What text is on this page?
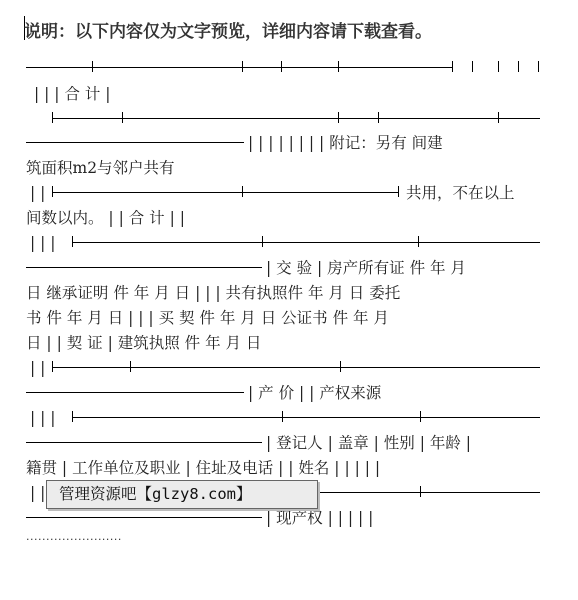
说明：以下内容仅为文字预览，详细内容请下载查看。
| | | 合 计 |
| | | | | | | | 附记：另有 间建
筑面积m2与邻户共有
| |	共用，不在以上
间数以内。 | | 合 计 | |
| | |
| 交 验 | 房产所有证 件 年 月
日 继承证明 件 年 月 日 | | | 共有执照件 年 月 日 委托
书 件 年 月 日 | | | 买 契 件 年 月 日 公证书 件 年 月
日 | | 契 证 | 建筑执照 件 年 月 日
| |
| 产 价 | | 产权来源
| | |
| 登记人 | 盖章 | 性别 | 年龄 |
籍贯 | 工作单位及职业 | 住址及电话 | | 姓名 | | | | |
| |
| 现产权 | | | | |
管理资源吧【glzy8.com】
························
